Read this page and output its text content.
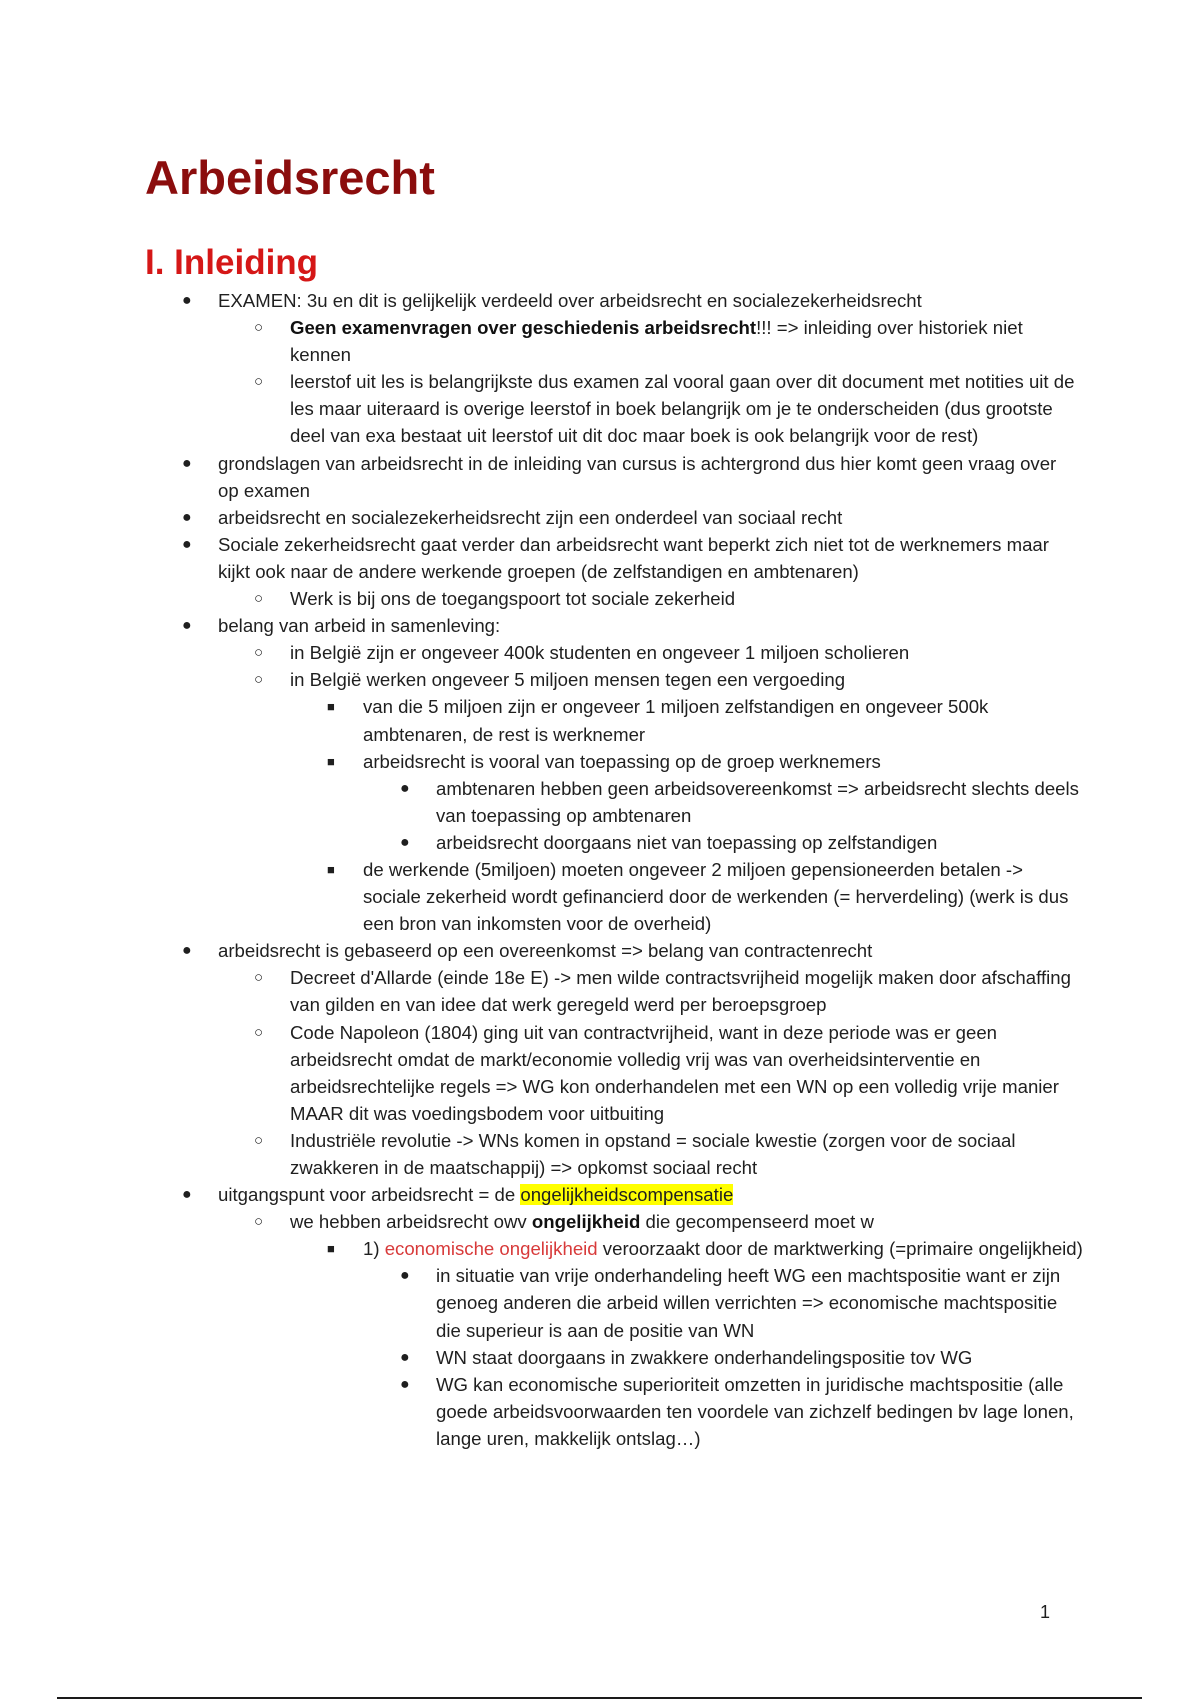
Arbeidsrecht
I. Inleiding
● EXAMEN: 3u en dit is gelijkelijk verdeeld over arbeidsrecht en socialezekerheidsrecht
○ Geen examenvragen over geschiedenis arbeidsrecht!!! => inleiding over historiek niet kennen
○ leerstof uit les is belangrijkste dus examen zal vooral gaan over dit document met notities uit de les maar uiteraard is overige leerstof in boek belangrijk om je te onderscheiden (dus grootste deel van exa bestaat uit leerstof uit dit doc maar boek is ook belangrijk voor de rest)
● grondslagen van arbeidsrecht in de inleiding van cursus is achtergrond dus hier komt geen vraag over op examen
● arbeidsrecht en socialezekerheidsrecht zijn een onderdeel van sociaal recht
● Sociale zekerheidsrecht gaat verder dan arbeidsrecht want beperkt zich niet tot de werknemers maar kijkt ook naar de andere werkende groepen (de zelfstandigen en ambtenaren)
○ Werk is bij ons de toegangspoort tot sociale zekerheid
● belang van arbeid in samenleving:
○ in België zijn er ongeveer 400k studenten en ongeveer 1 miljoen scholieren
○ in België werken ongeveer 5 miljoen mensen tegen een vergoeding
■ van die 5 miljoen zijn er ongeveer 1 miljoen zelfstandigen en ongeveer 500k ambtenaren, de rest is werknemer
■ arbeidsrecht is vooral van toepassing op de groep werknemers
● ambtenaren hebben geen arbeidsovereenkomst => arbeidsrecht slechts deels van toepassing op ambtenaren
● arbeidsrecht doorgaans niet van toepassing op zelfstandigen
■ de werkende (5miljoen) moeten ongeveer 2 miljoen gepensioneerden betalen -> sociale zekerheid wordt gefinancierd door de werkenden (= herverdeling) (werk is dus een bron van inkomsten voor de overheid)
● arbeidsrecht is gebaseerd op een overeenkomst => belang van contractenrecht
○ Decreet d'Allarde (einde 18e E) -> men wilde contractsvrijheid mogelijk maken door afschaffing van gilden en van idee dat werk geregeld werd per beroepsgroep
○ Code Napoleon (1804) ging uit van contractvrijheid, want in deze periode was er geen arbeidsrecht omdat de markt/economie volledig vrij was van overheidsinterventie en arbeidsrechtelijke regels => WG kon onderhandelen met een WN op een volledig vrije manier MAAR dit was voedingsbodem voor uitbuiting
○ Industriële revolutie -> WNs komen in opstand = sociale kwestie (zorgen voor de sociaal zwakkeren in de maatschappij) => opkomst sociaal recht
● uitgangspunt voor arbeidsrecht = de ongelijkheidscompensatie
○ we hebben arbeidsrecht owv ongelijkheid die gecompenseerd moet w
■ 1) economische ongelijkheid veroorzaakt door de marktwerking (=primaire ongelijkheid)
● in situatie van vrije onderhandeling heeft WG een machtspositie want er zijn genoeg anderen die arbeid willen verrichten => economische machtspositie die superieur is aan de positie van WN
● WN staat doorgaans in zwakkere onderhandelingspositie tov WG
● WG kan economische superioriteit omzetten in juridische machtspositie (alle goede arbeidsvoorwaarden ten voordele van zichzelf bedingen bv lage lonen, lange uren, makkelijk ontslag…)
1
